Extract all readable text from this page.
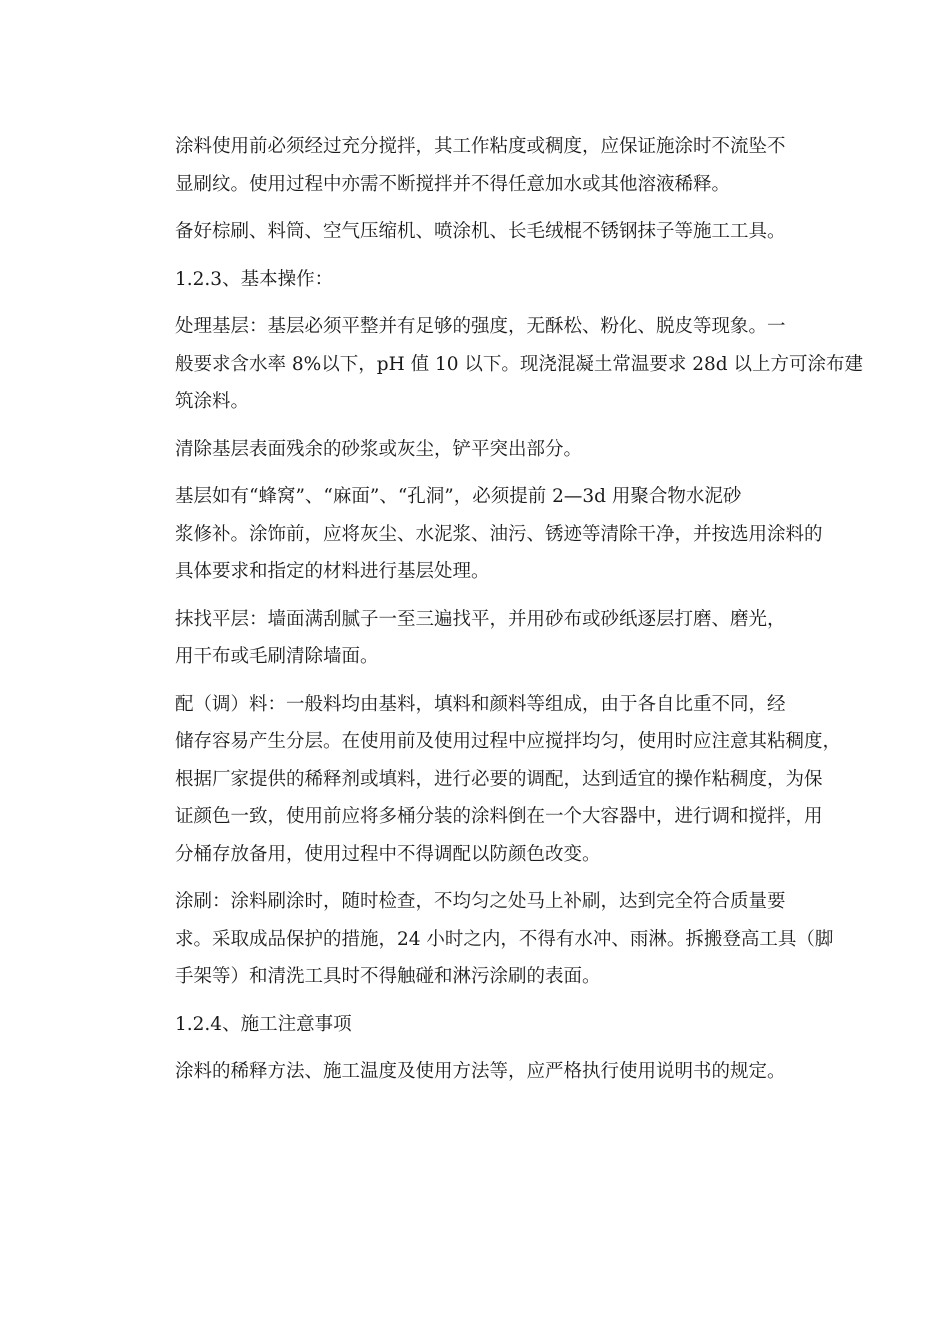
涂料使用前必须经过充分搅拌，其工作粘度或稠度，应保证施涂时不流坠不
显刷纹。使用过程中亦需不断搅拌并不得任意加水或其他溶液稀释。

备好棕刷、料筒、空气压缩机、喷涂机、长毛绒棍不锈钢抹子等施工工具。

1.2.3、基本操作：

处理基层：基层必须平整并有足够的强度，无酥松、粉化、脱皮等现象。一
般要求含水率 8%以下，pH 值 10 以下。现浇混凝土常温要求 28d 以上方可涂布建
筑涂料。

清除基层表面残余的砂浆或灰尘，铲平突出部分。

基层如有“蜂窝”、“麻面”、“孔洞”，必须提前 2—3d 用聚合物水泥砂
浆修补。涂饰前，应将灰尘、水泥浆、油污、锈迹等清除干净，并按选用涂料的
具体要求和指定的材料进行基层处理。

抹找平层：墙面满刮腻子一至三遍找平，并用砂布或砂纸逐层打磨、磨光，
用干布或毛刷清除墙面。

配（调）料：一般料均由基料，填料和颜料等组成，由于各自比重不同，经
储存容易产生分层。在使用前及使用过程中应搅拌均匀，使用时应注意其粘稠度，
根据厂家提供的稀释剂或填料，进行必要的调配，达到适宜的操作粘稠度，为保
证颜色一致，使用前应将多桶分装的涂料倒在一个大容器中，进行调和搅拌，用
分桶存放备用，使用过程中不得调配以防颜色改变。

涂刷：涂料刷涂时，随时检查，不均匀之处马上补刷，达到完全符合质量要
求。采取成品保护的措施，24 小时之内，不得有水冲、雨淋。拆搬登高工具（脚
手架等）和清洗工具时不得触碰和淋污涂刷的表面。

1.2.4、施工注意事项

涂料的稀释方法、施工温度及使用方法等，应严格执行使用说明书的规定。
